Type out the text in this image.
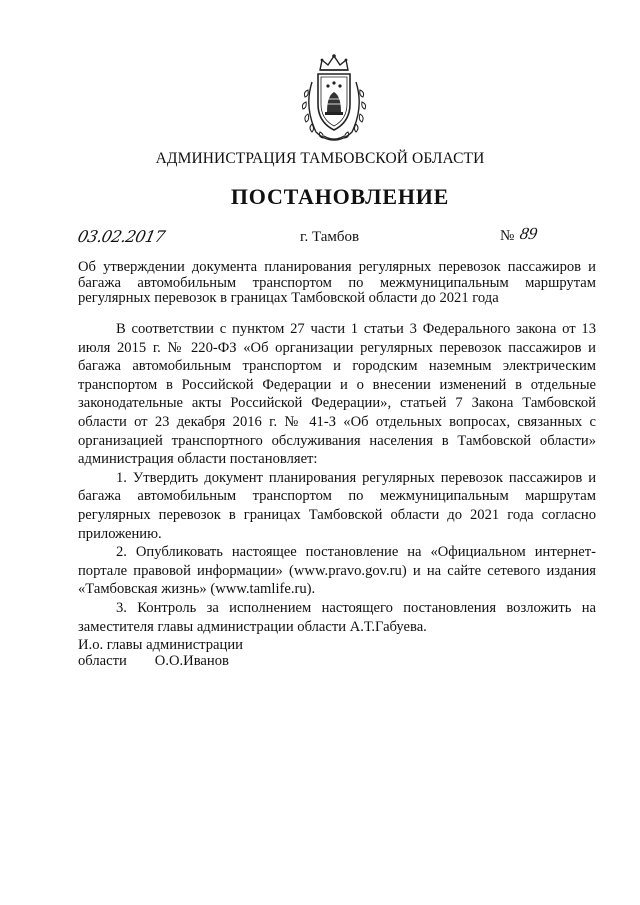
АДМИНИСТРАЦИЯ ТАМБОВСКОЙ ОБЛАСТИ
ПОСТАНОВЛЕНИЕ
03.02.2017	г. Тамбов	№ 89
Об утверждении документа планирования регулярных перевозок пассажиров и багажа автомобильным транспортом по межмуниципальным маршрутам регулярных перевозок в границах Тамбовской области до 2021 года

В соответствии с пунктом 27 части 1 статьи 3 Федерального закона от 13 июля 2015 г. № 220-ФЗ «Об организации регулярных перевозок пассажиров и багажа автомобильным транспортом и городским наземным электрическим транспортом в Российской Федерации и о внесении изменений в отдельные законодательные акты Российской Федерации», статьей 7 Закона Тамбовской области от 23 декабря 2016 г. № 41-З «Об отдельных вопросах, связанных с организацией транспортного обслуживания населения в Тамбовской области» администрация области постановляет:

1. Утвердить документ планирования регулярных перевозок пассажиров и багажа автомобильным транспортом по межмуниципальным маршрутам регулярных перевозок в границах Тамбовской области до 2021 года согласно приложению.

2. Опубликовать настоящее постановление на «Официальном интернет-портале правовой информации» (www.pravo.gov.ru) и на сайте сетевого издания «Тамбовская жизнь» (www.tamlife.ru).

3. Контроль за исполнением настоящего постановления возложить на заместителя главы администрации области А.Т.Габуева.

И.о. главы администрации
области О.О.Иванов
